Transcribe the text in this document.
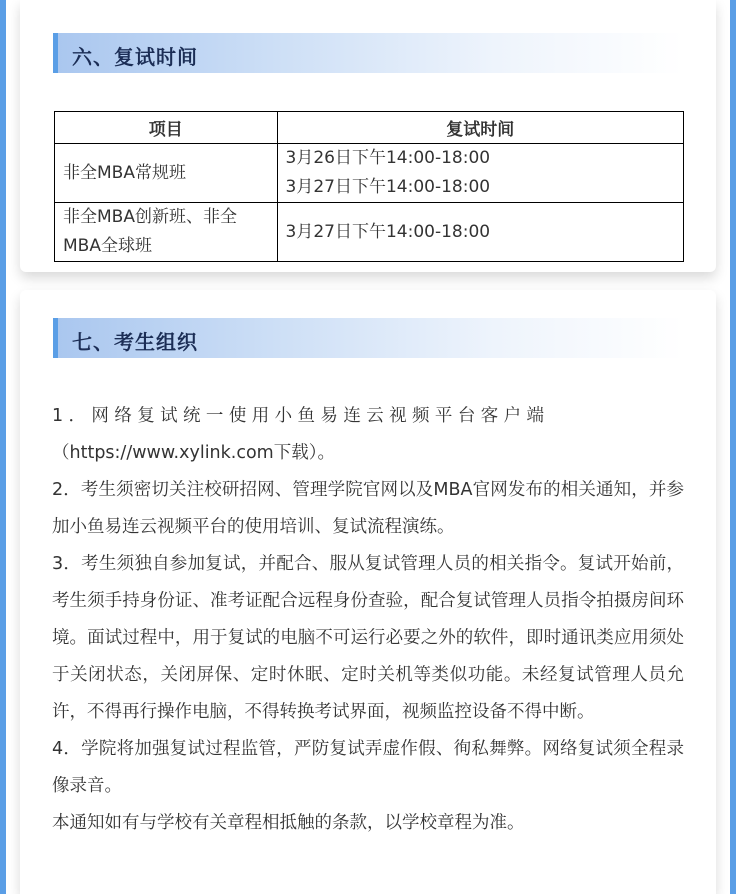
六、复试时间
项目	复试时间
非全MBA常规班	3月26日下午14:00-18:00
3月27日下午14:00-18:00

非全MBA创新班、非全MBA全球班	3月27日下午14:00-18:00
七、考生组织

1．网络复试统一使用小鱼易连云视频平台客户端

（https://www.xylink.com下载）。

2．考生须密切关注校研招网、管理学院官网以及MBA官网发布的相关通知，并参加小鱼易连云视频平台的使用培训、复试流程演练。

3．考生须独自参加复试，并配合、服从复试管理人员的相关指令。复试开始前，考生须手持身份证、准考证配合远程身份查验，配合复试管理人员指令拍摄房间环境。面试过程中，用于复试的电脑不可运行必要之外的软件，即时通讯类应用须处于关闭状态，关闭屏保、定时休眠、定时关机等类似功能。未经复试管理人员允许，不得再行操作电脑，不得转换考试界面，视频监控设备不得中断。

4．学院将加强复试过程监管，严防复试弄虚作假、徇私舞弊。网络复试须全程录像录音。

本通知如有与学校有关章程相抵触的条款，以学校章程为准。
